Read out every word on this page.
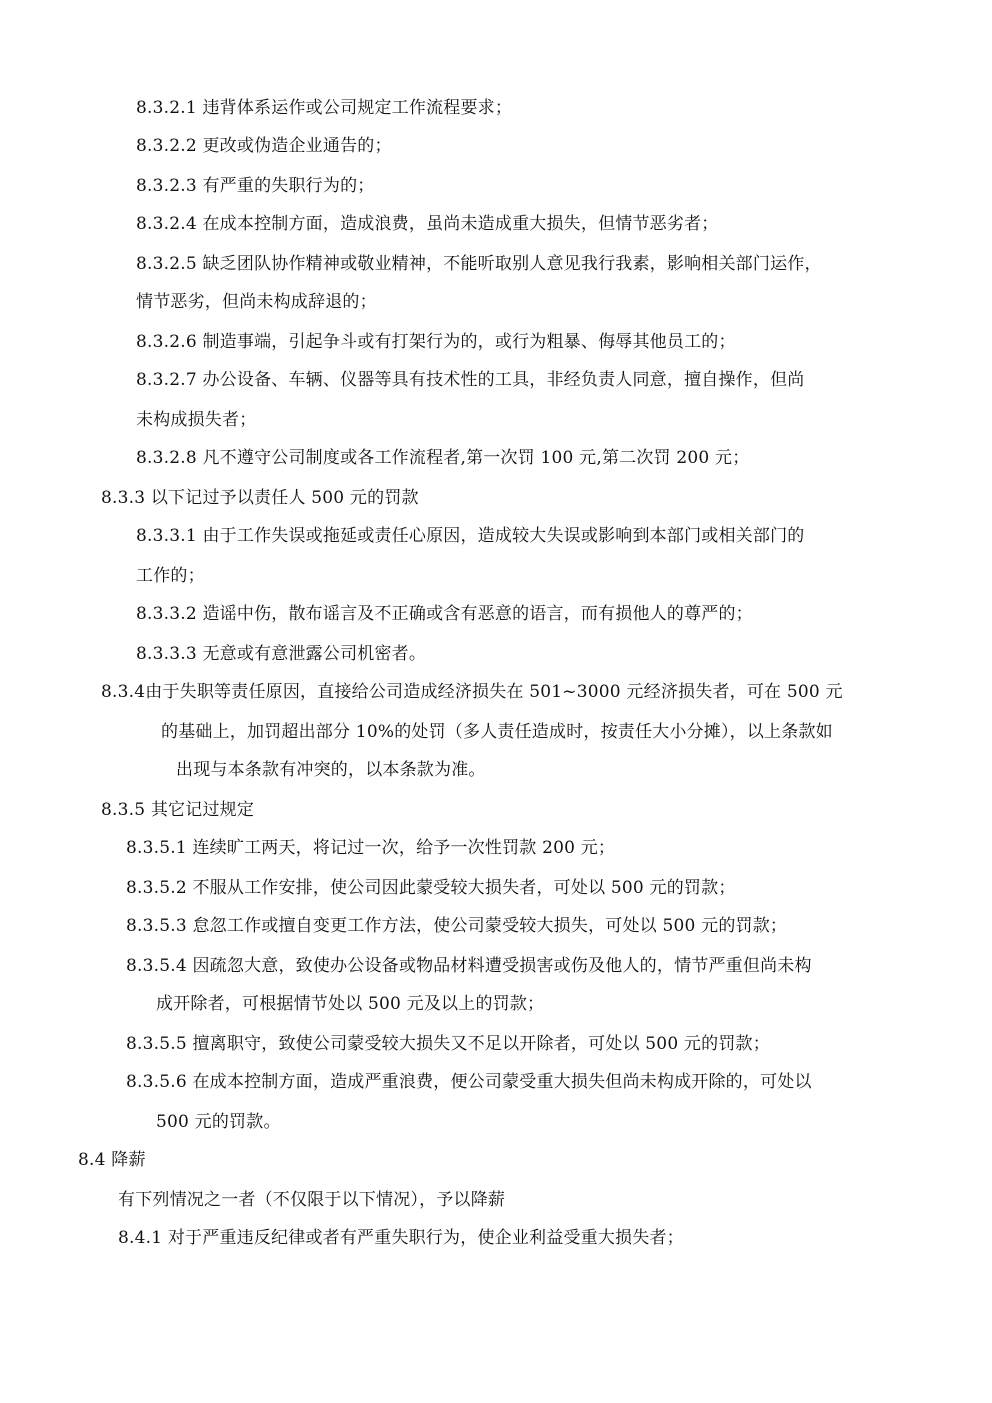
8.3.2.1 违背体系运作或公司规定工作流程要求；
8.3.2.2 更改或伪造企业通告的；
8.3.2.3 有严重的失职行为的；
8.3.2.4 在成本控制方面，造成浪费，虽尚未造成重大损失，但情节恶劣者；
8.3.2.5 缺乏团队协作精神或敬业精神，不能听取别人意见我行我素，影响相关部门运作，
情节恶劣，但尚未构成辞退的；
8.3.2.6 制造事端，引起争斗或有打架行为的，或行为粗暴、侮辱其他员工的；
8.3.2.7 办公设备、车辆、仪器等具有技术性的工具，非经负责人同意，擅自操作，但尚
未构成损失者；
8.3.2.8 凡不遵守公司制度或各工作流程者,第一次罚 100 元,第二次罚 200 元；
8.3.3 以下记过予以责任人 500 元的罚款
8.3.3.1 由于工作失误或拖延或责任心原因，造成较大失误或影响到本部门或相关部门的
工作的；
8.3.3.2 造谣中伤，散布谣言及不正确或含有恶意的语言，而有损他人的尊严的；
8.3.3.3 无意或有意泄露公司机密者。
8.3.4由于失职等责任原因，直接给公司造成经济损失在 501~3000 元经济损失者，可在 500 元
的基础上，加罚超出部分 10%的处罚（多人责任造成时，按责任大小分摊），以上条款如
出现与本条款有冲突的，以本条款为准。
8.3.5 其它记过规定
8.3.5.1 连续旷工两天，将记过一次，给予一次性罚款 200 元；
8.3.5.2 不服从工作安排，使公司因此蒙受较大损失者，可处以 500 元的罚款；
8.3.5.3 怠忽工作或擅自变更工作方法，使公司蒙受较大损失，可处以 500 元的罚款；
8.3.5.4 因疏忽大意，致使办公设备或物品材料遭受损害或伤及他人的，情节严重但尚未构
成开除者，可根据情节处以 500 元及以上的罚款；
8.3.5.5 擅离职守，致使公司蒙受较大损失又不足以开除者，可处以 500 元的罚款；
8.3.5.6 在成本控制方面，造成严重浪费，便公司蒙受重大损失但尚未构成开除的，可处以
500 元的罚款。
8.4 降薪
有下列情况之一者（不仅限于以下情况），予以降薪
8.4.1 对于严重违反纪律或者有严重失职行为，使企业利益受重大损失者；
